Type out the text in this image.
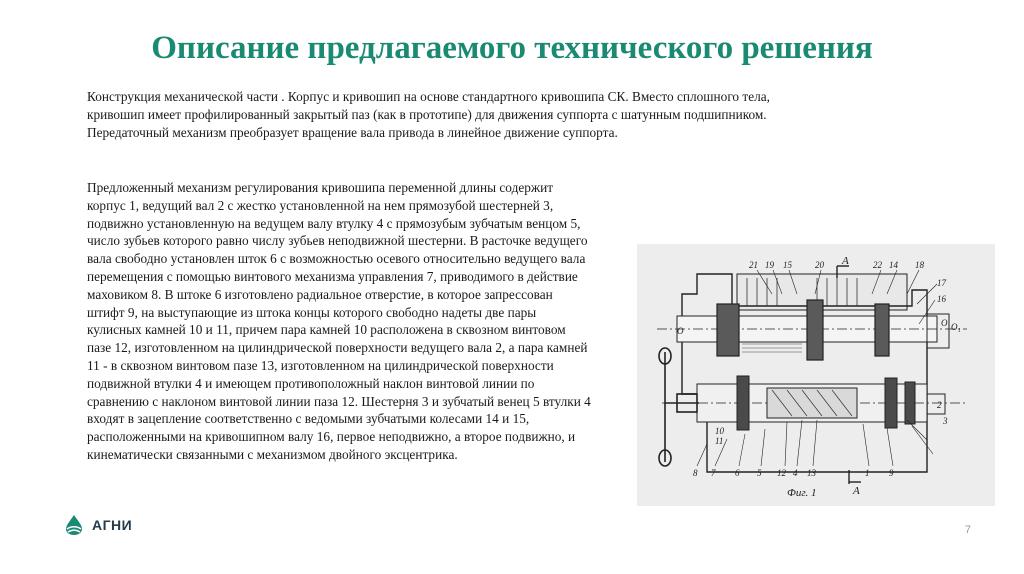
Описание предлагаемого технического решения
Конструкция механической части . Корпус и кривошип на основе стандартного кривошипа СК. Вместо сплошного тела, кривошип имеет профилированный закрытый паз (как в прототипе) для движения суппорта с шатунным подшипником. Передаточный механизм преобразует вращение вала привода в линейное движение суппорта.
Предложенный механизм регулирования кривошипа переменной длины содержит корпус 1, ведущий вал 2 с жестко установленной на нем прямозубой шестерней 3, подвижно установленную на ведущем валу втулку 4 с прямозубым зубчатым венцом 5, число зубьев которого равно числу зубьев неподвижной шестерни. В расточке ведущего вала свободно установлен шток 6 с возможностью осевого относительно ведущего вала перемещения с помощью винтового механизма управления 7, приводимого в действие маховиком 8. В штоке 6 изготовлено радиальное отверстие, в которое запрессован штифт 9, на выступающие из штока концы которого свободно надеты две пары кулисных камней 10 и 11, причем пара камней 10 расположена в сквозном винтовом пазе 12, изготовленном на цилиндрической поверхности ведущего вала 2, а пара камней 11 - в сквозном винтовом пазе 13, изготовленном на цилиндрической поверхности подвижной втулки 4 и имеющем противоположный наклон винтовой линии по сравнению с наклоном винтовой линии паза 12. Шестерня 3 и зубчатый венец 5 втулки 4 входят в зацепление соответственно с ведомыми зубчатыми колесами 14 и 15, расположенными на кривошипном валу 16, первое неподвижно, а второе подвижно, и кинематически связанными с механизмом двойного эксцентрика.
21 19 15	20 А	22 14 18
17
16
О О₁
О
2
3
10
11
8 7 6 5 12 4 13
А
1 9
Фиг. 1
АГНИ	7
